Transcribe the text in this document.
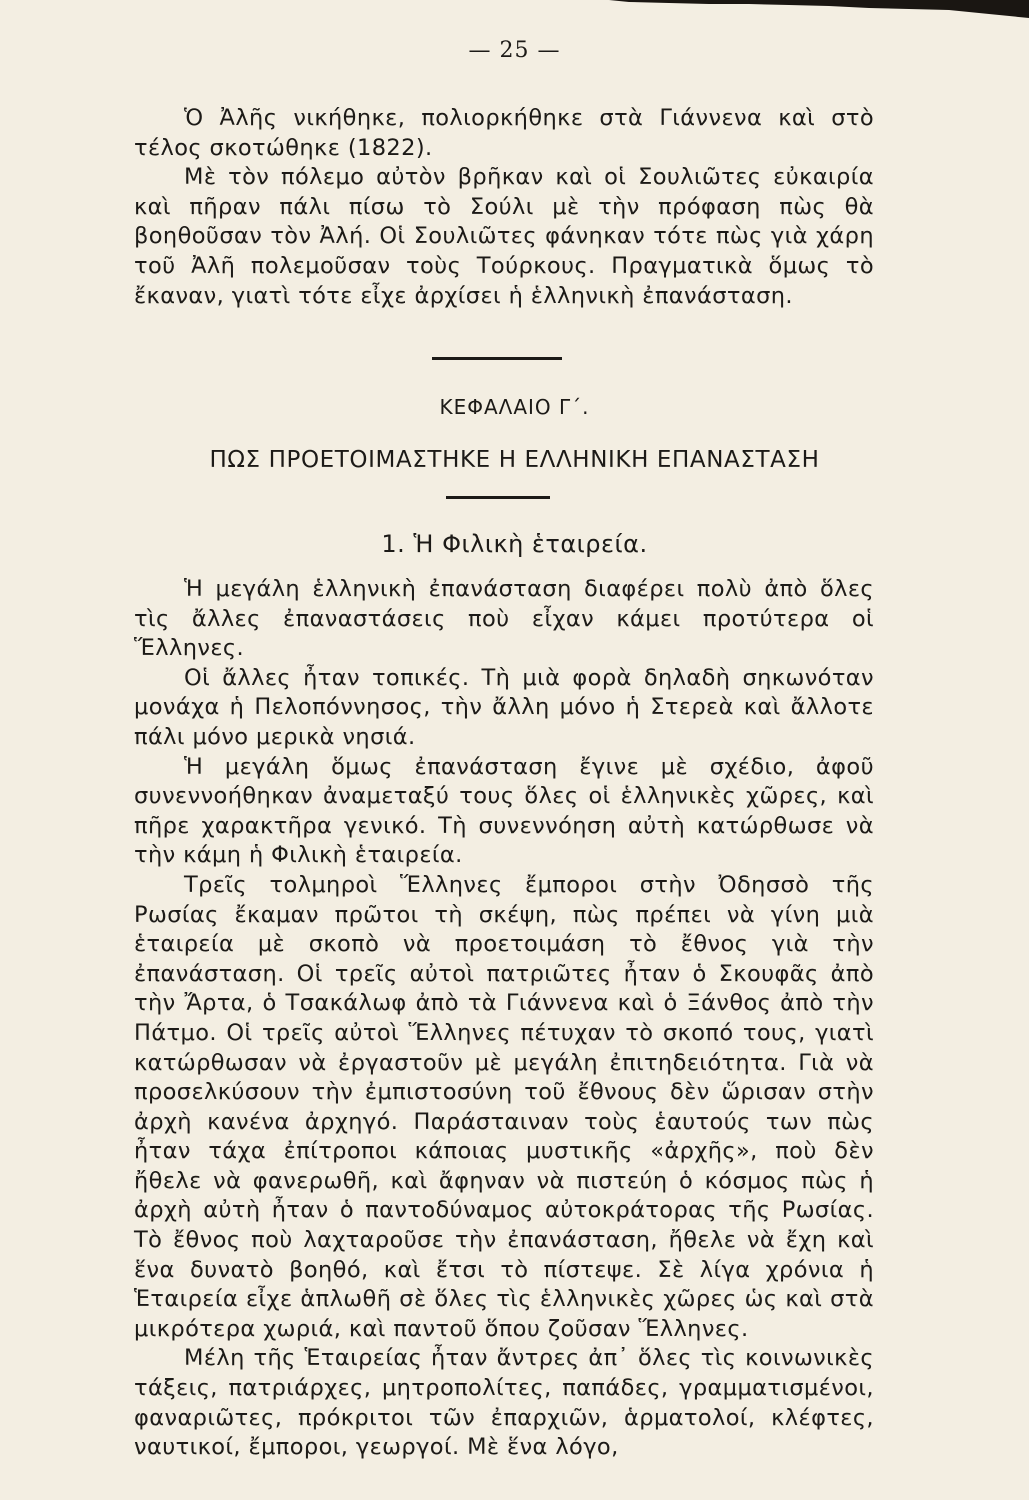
— 25 —

Ὁ Ἀλῆς νικήθηκε, πολιορκήθηκε στὰ Γιάννενα καὶ στὸ τέλος σκοτώθηκε (1822).

Μὲ τὸν πόλεμο αὐτὸν βρῆκαν καὶ οἱ Σουλιῶτες εὐκαιρία καὶ πῆραν πάλι πίσω τὸ Σούλι μὲ τὴν πρόφαση πὼς θὰ βοηθοῦσαν τὸν Ἀλή. Οἱ Σουλιῶτες φάνηκαν τότε πὼς γιὰ χάρη τοῦ Ἀλῆ πολεμοῦσαν τοὺς Τούρκους. Πραγματικὰ ὅμως τὸ ἔκαναν, γιατὶ τότε εἶχε ἀρχίσει ἡ ἑλληνικὴ ἐπανάσταση.

ΚΕΦΑΛΑΙΟ Γ΄.
ΠΩΣ ΠΡΟΕΤΟΙΜΑΣΤΗΚΕ Η ΕΛΛΗΝΙΚΗ ΕΠΑΝΑΣΤΑΣΗ
1. Ἡ Φιλικὴ ἑταιρεία.

Ἡ μεγάλη ἑλληνικὴ ἐπανάσταση διαφέρει πολὺ ἀπὸ ὅλες τὶς ἄλλες ἐπαναστάσεις ποὺ εἶχαν κάμει προτύτερα οἱ Ἕλληνες.

Οἱ ἄλλες ἦταν τοπικές. Τὴ μιὰ φορὰ δηλαδὴ σηκωνόταν μονάχα ἡ Πελοπόννησος, τὴν ἄλλη μόνο ἡ Στερεὰ καὶ ἄλλοτε πάλι μόνο μερικὰ νησιά.

Ἡ μεγάλη ὅμως ἐπανάσταση ἔγινε μὲ σχέδιο, ἀφοῦ συνεννοήθηκαν ἀναμεταξύ τους ὅλες οἱ ἑλληνικὲς χῶρες, καὶ πῆρε χαρακτῆρα γενικό. Τὴ συνεννόηση αὐτὴ κατώρθωσε νὰ τὴν κάμη ἡ Φιλικὴ ἑταιρεία.

Τρεῖς τολμηροὶ Ἕλληνες ἔμποροι στὴν Ὀδησσὸ τῆς Ρωσίας ἔκαμαν πρῶτοι τὴ σκέψη, πὼς πρέπει νὰ γίνη μιὰ ἑταιρεία μὲ σκοπὸ νὰ προετοιμάση τὸ ἔθνος γιὰ τὴν ἐπανάσταση. Οἱ τρεῖς αὐτοὶ πατριῶτες ἦταν ὁ Σκουφᾶς ἀπὸ τὴν Ἄρτα, ὁ Τσακάλωφ ἀπὸ τὰ Γιάννενα καὶ ὁ Ξάνθος ἀπὸ τὴν Πάτμο. Οἱ τρεῖς αὐτοὶ Ἕλληνες πέτυχαν τὸ σκοπό τους, γιατὶ κατώρθωσαν νὰ ἐργαστοῦν μὲ μεγάλη ἐπιτηδειότητα. Γιὰ νὰ προσελκύσουν τὴν ἐμπιστοσύνη τοῦ ἔθνους δὲν ὥρισαν στὴν ἀρχὴ κανένα ἀρχηγό. Παράσταιναν τοὺς ἑαυτούς των πὼς ἦταν τάχα ἐπίτροποι κάποιας μυστικῆς «ἀρχῆς», ποὺ δὲν ἤθελε νὰ φανερωθῆ, καὶ ἄφηναν νὰ πιστεύη ὁ κόσμος πὼς ἡ ἀρχὴ αὐτὴ ἦταν ὁ παντοδύναμος αὐτοκράτορας τῆς Ρωσίας. Τὸ ἔθνος ποὺ λαχταροῦσε τὴν ἐπανάσταση, ἤθελε νὰ ἔχη καὶ ἕνα δυνατὸ βοηθό, καὶ ἔτσι τὸ πίστεψε. Σὲ λίγα χρόνια ἡ Ἑταιρεία εἶχε ἁπλωθῆ σὲ ὅλες τὶς ἑλληνικὲς χῶρες ὡς καὶ στὰ μικρότερα χωριά, καὶ παντοῦ ὅπου ζοῦσαν Ἕλληνες.

Μέλη τῆς Ἑταιρείας ἦταν ἄντρες ἀπ᾽ ὅλες τὶς κοινωνικὲς τάξεις, πατριάρχες, μητροπολίτες, παπάδες, γραμματισμένοι, φαναριῶτες, πρόκριτοι τῶν ἐπαρχιῶν, ἁρματολοί, κλέφτες, ναυτικοί, ἔμποροι, γεωργοί. Μὲ ἕνα λόγο,
